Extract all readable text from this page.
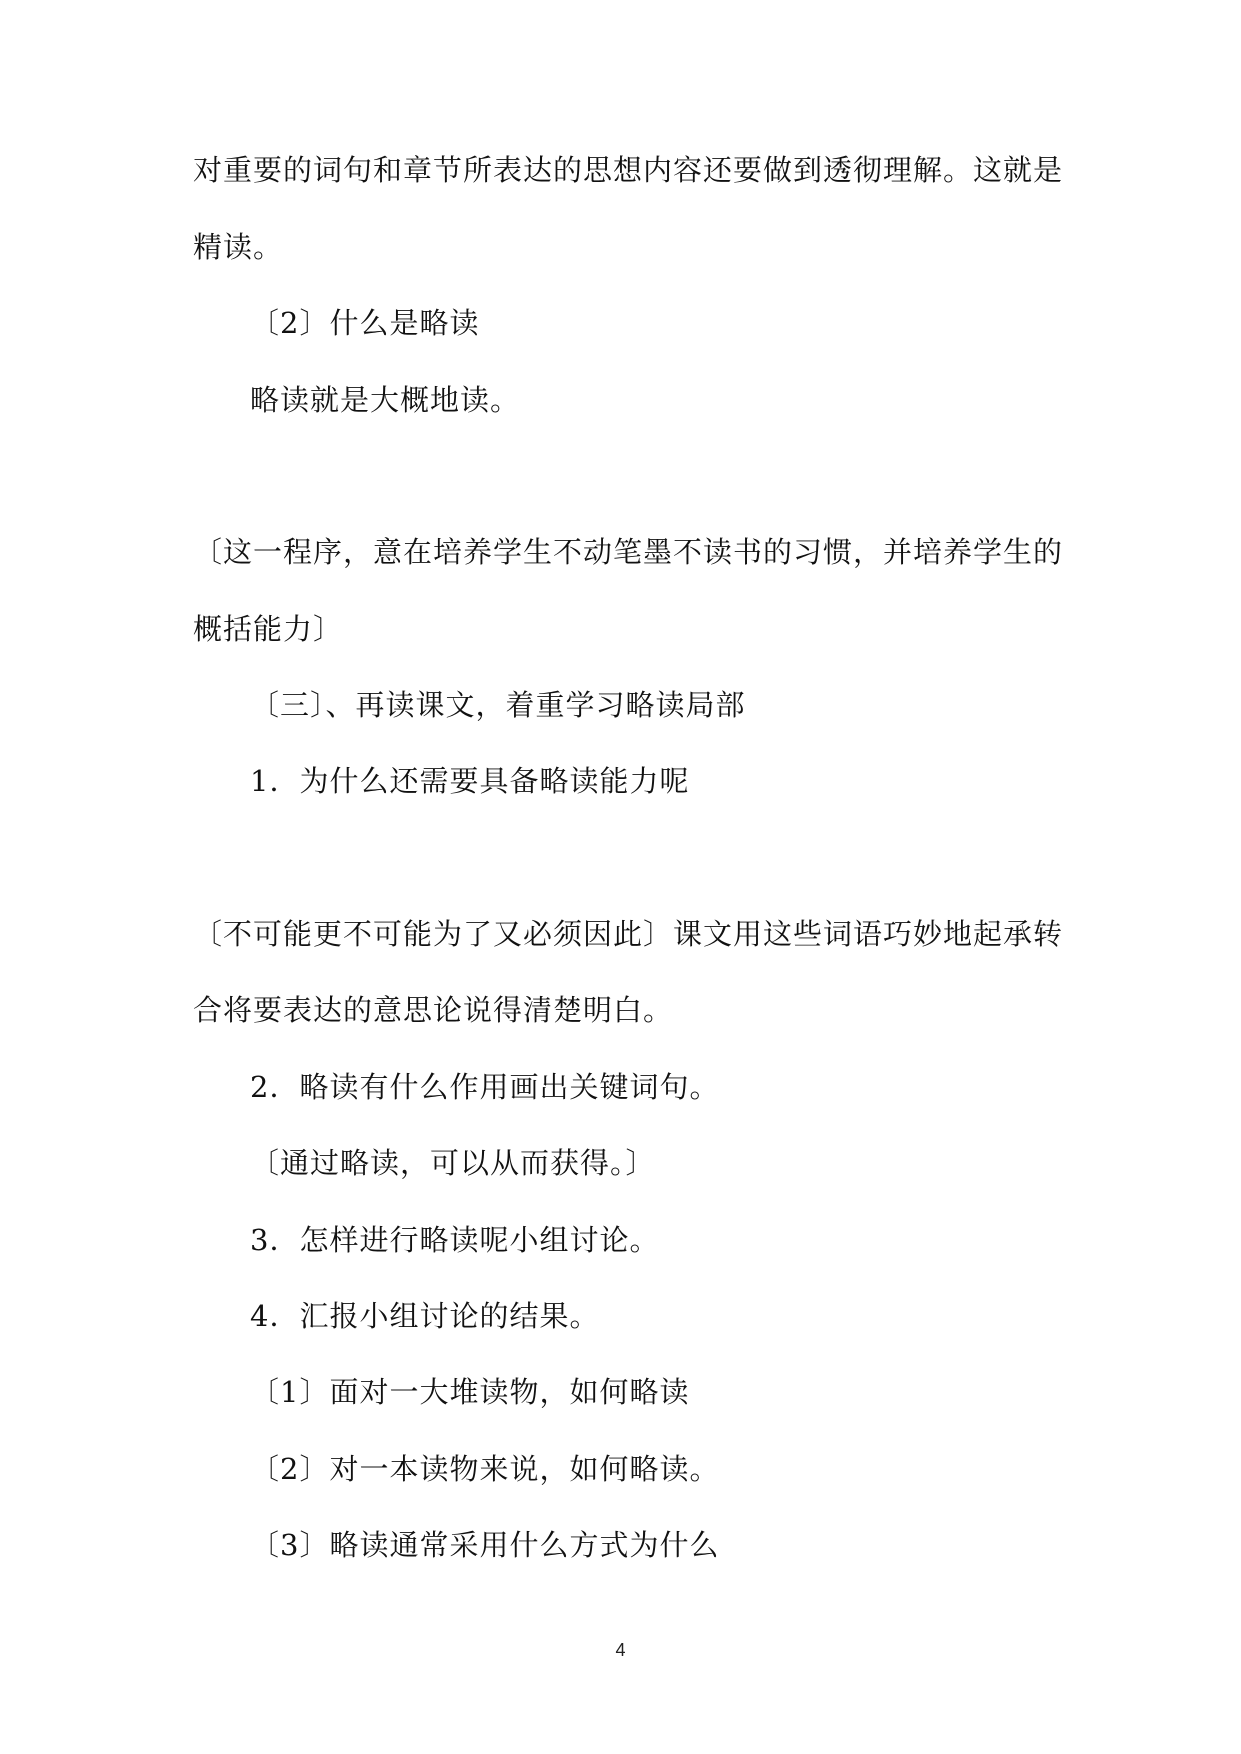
对重要的词句和章节所表达的思想内容还要做到透彻理解。这就是
精读。
〔2〕什么是略读
略读就是大概地读。
〔这一程序，意在培养学生不动笔墨不读书的习惯，并培养学生的
概括能力〕
〔三〕、再读课文，着重学习略读局部
1．为什么还需要具备略读能力呢
〔不可能更不可能为了又必须因此〕课文用这些词语巧妙地起承转
合将要表达的意思论说得清楚明白。
2．略读有什么作用画出关键词句。
〔通过略读，可以从而获得。〕
3．怎样进行略读呢小组讨论。
4．汇报小组讨论的结果。
〔1〕面对一大堆读物，如何略读
〔2〕对一本读物来说，如何略读。
〔3〕略读通常采用什么方式为什么
4
